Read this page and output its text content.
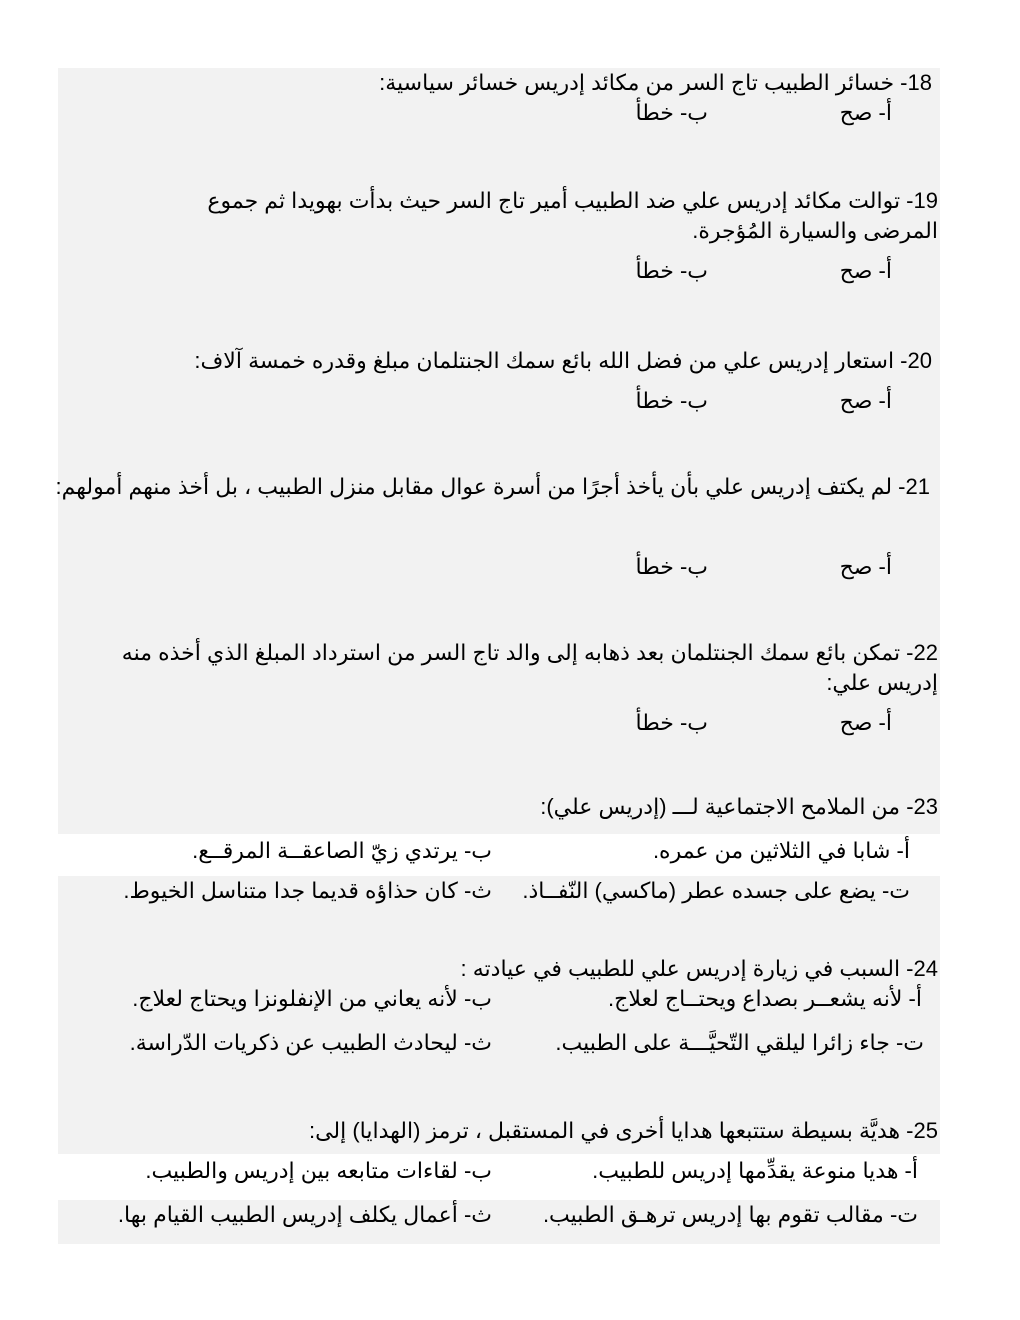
18- خسائر الطبيب تاج السر من مكائد إدريس خسائر سياسية:
أ- صح
ب- خطأ
19- توالت مكائد إدريس علي ضد الطبيب أمير تاج السر حيث بدأت بهويدا ثم جموع المرضى والسيارة المُؤجرة.
أ- صح
ب- خطأ
20- استعار إدريس علي من فضل الله بائع سمك الجنتلمان مبلغ وقدره خمسة آلاف:
أ- صح
ب- خطأ
21- لم يكتف إدريس علي بأن يأخذ أجرًا من أسرة عوال مقابل منزل الطبيب ، بل أخذ منهم أمولهم:
أ- صح
ب- خطأ
22- تمكن بائع سمك الجنتلمان بعد ذهابه إلى والد تاج السر من استرداد المبلغ الذي أخذه منه إدريس علي:
أ- صح
ب- خطأ
23- من الملامح الاجتماعية لـــ (إدريس علي):
أ- شابا في الثلاثين من عمره.
ب- يرتدي زيّ الصاعقــة المرقــع.
ت- يضع على جسده عطر (ماكسي) النّفــاذ.
ث- كان حذاؤه قديما جدا متناسل الخيوط.
24- السبب في زيارة إدريس علي للطبيب في عيادته :
أ- لأنه يشعــر بصداع ويحتــاج لعلاج.
ب- لأنه يعاني من الإنفلونزا ويحتاج لعلاج.
ت- جاء زائرا ليلقي التّحيَّـــة على الطبيب.
ث- ليحادث الطبيب عن ذكريات الدّراسة.
25- هديَّة بسيطة ستتبعها هدايا أخرى في المستقبل ، ترمز (الهدايا) إلى:
أ- هديا منوعة يقدِّمها إدريس للطبيب.
ب- لقاءات متابعه بين إدريس والطبيب.
ت- مقالب تقوم بها إدريس ترهـق الطبيب.
ث- أعمال يكلف إدريس الطبيب القيام بها.
